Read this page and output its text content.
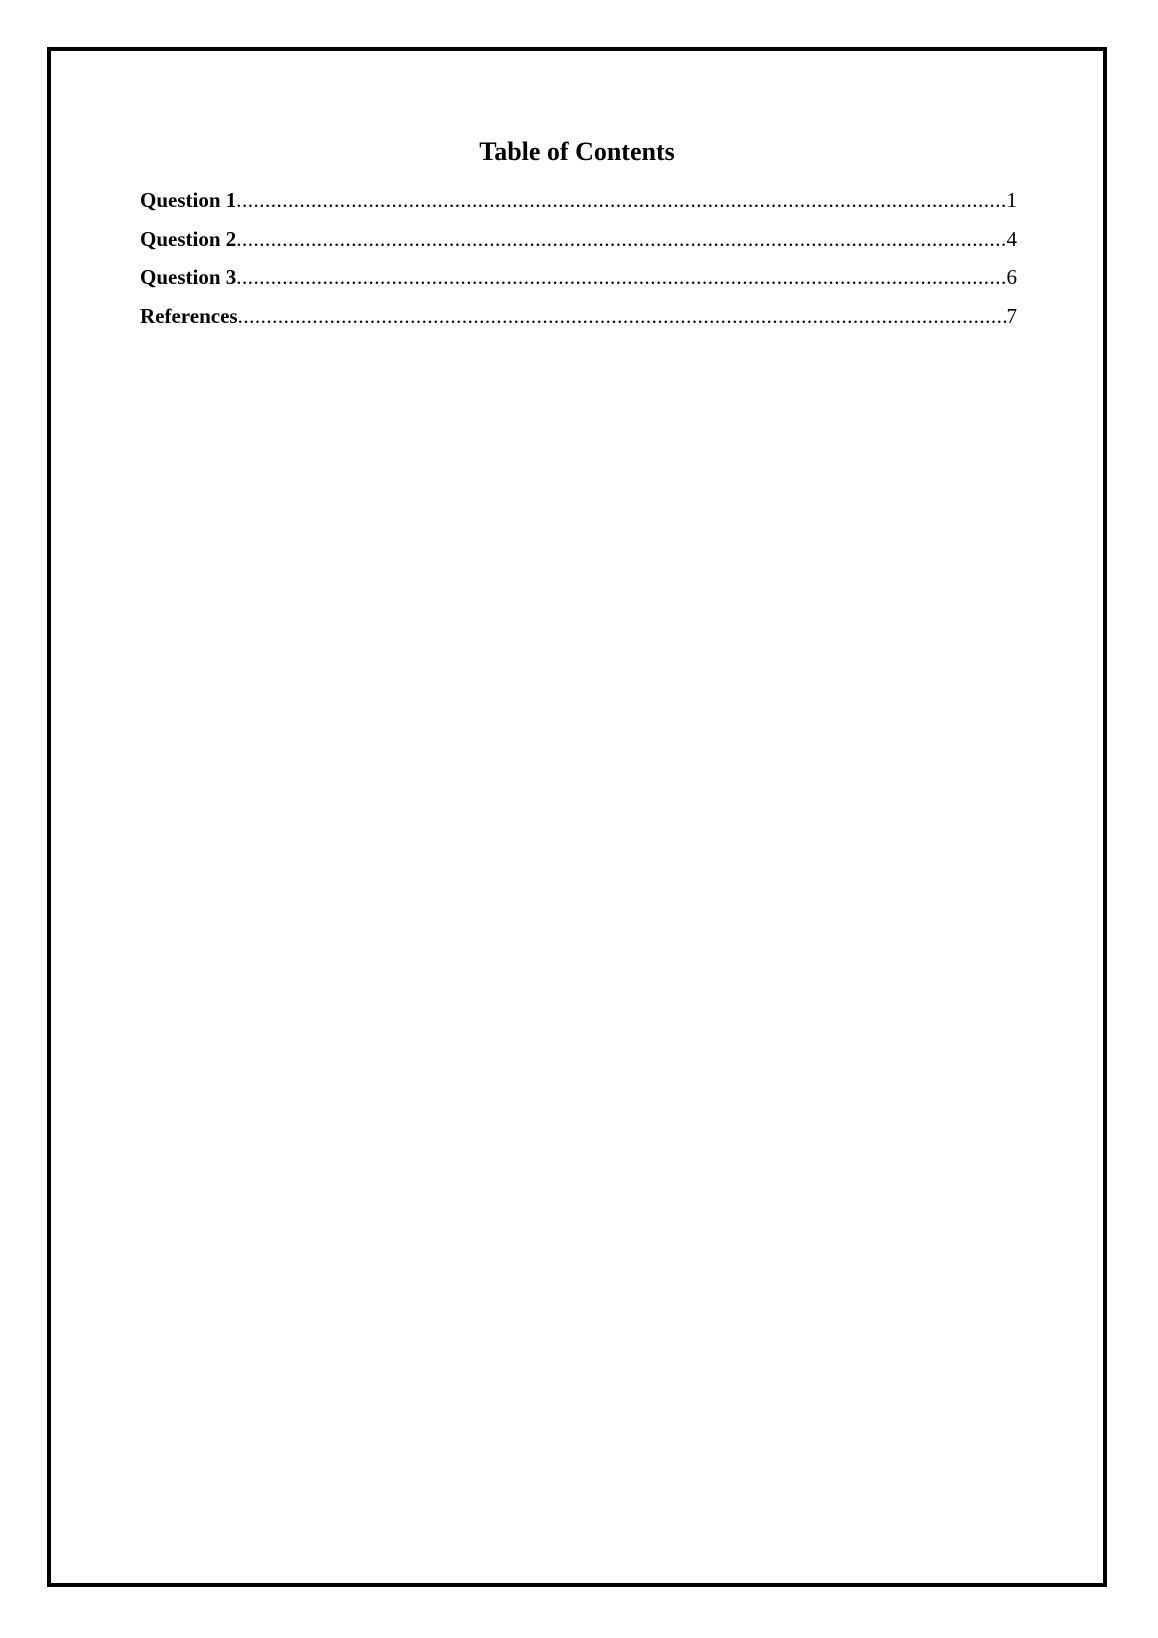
Table of Contents
Question 1 .....	1
Question 2 .....	4
Question 3 .....	6
References .....	7
